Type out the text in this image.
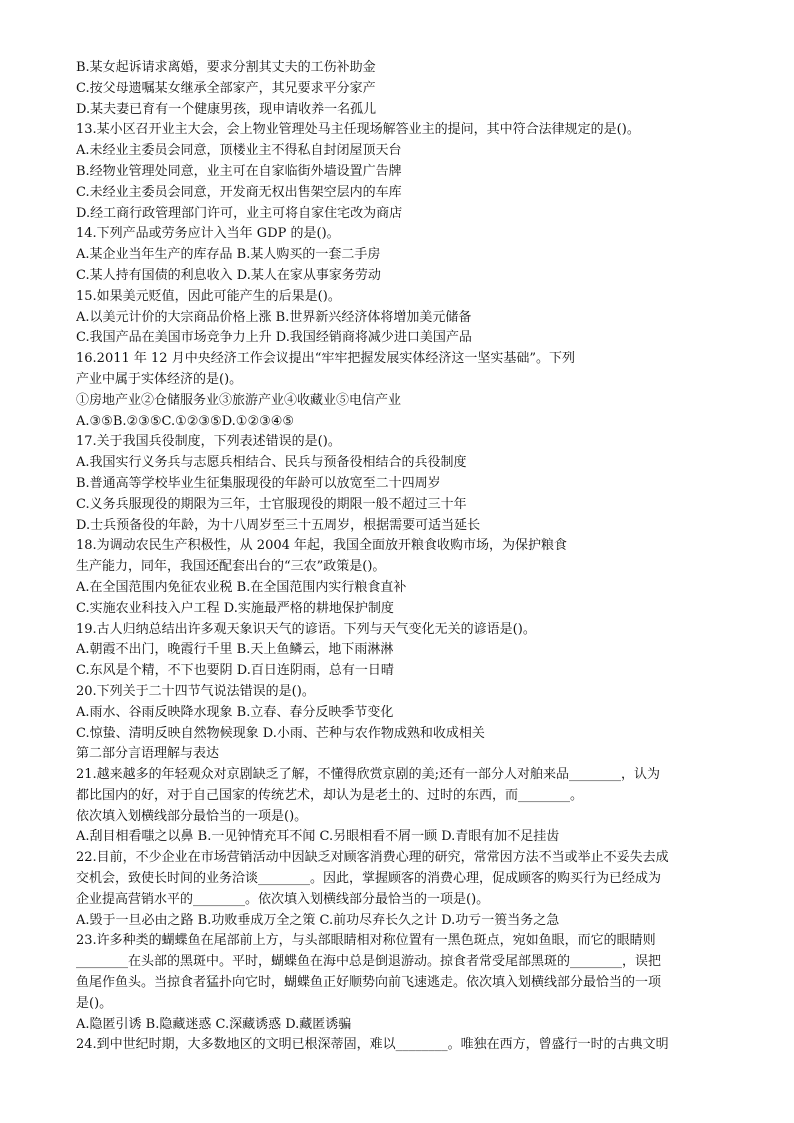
B.某女起诉请求离婚，要求分割其丈夫的工伤补助金
C.按父母遗嘱某女继承全部家产，其兄要求平分家产
D.某夫妻已育有一个健康男孩，现申请收养一名孤儿
13.某小区召开业主大会，会上物业管理处马主任现场解答业主的提问，其中符合法律规定的是()。
A.未经业主委员会同意，顶楼业主不得私自封闭屋顶天台
B.经物业管理处同意，业主可在自家临街外墙设置广告牌
C.未经业主委员会同意，开发商无权出售架空层内的车库
D.经工商行政管理部门许可，业主可将自家住宅改为商店
14.下列产品或劳务应计入当年 GDP 的是()。
A.某企业当年生产的库存品 B.某人购买的一套二手房
C.某人持有国债的利息收入 D.某人在家从事家务劳动
15.如果美元贬值，因此可能产生的后果是()。
A.以美元计价的大宗商品价格上涨 B.世界新兴经济体将增加美元储备
C.我国产品在美国市场竞争力上升 D.我国经销商将减少进口美国产品
16.2011 年 12 月中央经济工作会议提出“牢牢把握发展实体经济这一坚实基础”。下列
产业中属于实体经济的是()。
①房地产业②仓储服务业③旅游产业④收藏业⑤电信产业
A.③⑤B.②③⑤C.①②③⑤D.①②③④⑤
17.关于我国兵役制度，下列表述错误的是()。
A.我国实行义务兵与志愿兵相结合、民兵与预备役相结合的兵役制度
B.普通高等学校毕业生征集服现役的年龄可以放宽至二十四周岁
C.义务兵服现役的期限为三年，士官服现役的期限一般不超过三十年
D.士兵预备役的年龄，为十八周岁至三十五周岁，根据需要可适当延长
18.为调动农民生产积极性，从 2004 年起，我国全面放开粮食收购市场，为保护粮食
生产能力，同年，我国还配套出台的“三农”政策是()。
A.在全国范围内免征农业税 B.在全国范围内实行粮食直补
C.实施农业科技入户工程 D.实施最严格的耕地保护制度
19.古人归纳总结出许多观天象识天气的谚语。下列与天气变化无关的谚语是()。
A.朝霞不出门，晚霞行千里 B.天上鱼鳞云，地下雨淋淋
C.东风是个精，不下也要阴 D.百日连阴雨，总有一日晴
20.下列关于二十四节气说法错误的是()。
A.雨水、谷雨反映降水现象 B.立春、春分反映季节变化
C.惊蛰、清明反映自然物候现象 D.小雨、芒种与农作物成熟和收成相关
第二部分言语理解与表达
21.越来越多的年轻观众对京剧缺乏了解，不懂得欣赏京剧的美;还有一部分人对舶来品________，认为
都比国内的好，对于自己国家的传统艺术，却认为是老土的、过时的东西，而________。
依次填入划横线部分最恰当的一项是()。
A.刮目相看嗤之以鼻 B.一见钟情充耳不闻 C.另眼相看不屑一顾 D.青眼有加不足挂齿
22.目前，不少企业在市场营销活动中因缺乏对顾客消费心理的研究，常常因方法不当或举止不妥失去成
交机会，致使长时间的业务洽谈________。因此，掌握顾客的消费心理，促成顾客的购买行为已经成为
企业提高营销水平的________。依次填入划横线部分最恰当的一项是()。
A.毁于一旦必由之路 B.功败垂成万全之策 C.前功尽弃长久之计 D.功亏一篑当务之急
23.许多种类的蝴蝶鱼在尾部前上方，与头部眼睛相对称位置有一黑色斑点，宛如鱼眼，而它的眼睛则
________在头部的黑斑中。平时，蝴蝶鱼在海中总是倒退游动。掠食者常受尾部黑斑的________，误把
鱼尾作鱼头。当掠食者猛扑向它时，蝴蝶鱼正好顺势向前飞速逃走。依次填入划横线部分最恰当的一项
是()。
A.隐匿引诱 B.隐藏迷惑 C.深藏诱惑 D.藏匿诱骗
24.到中世纪时期，大多数地区的文明已根深蒂固，难以________。唯独在西方，曾盛行一时的古典文明
